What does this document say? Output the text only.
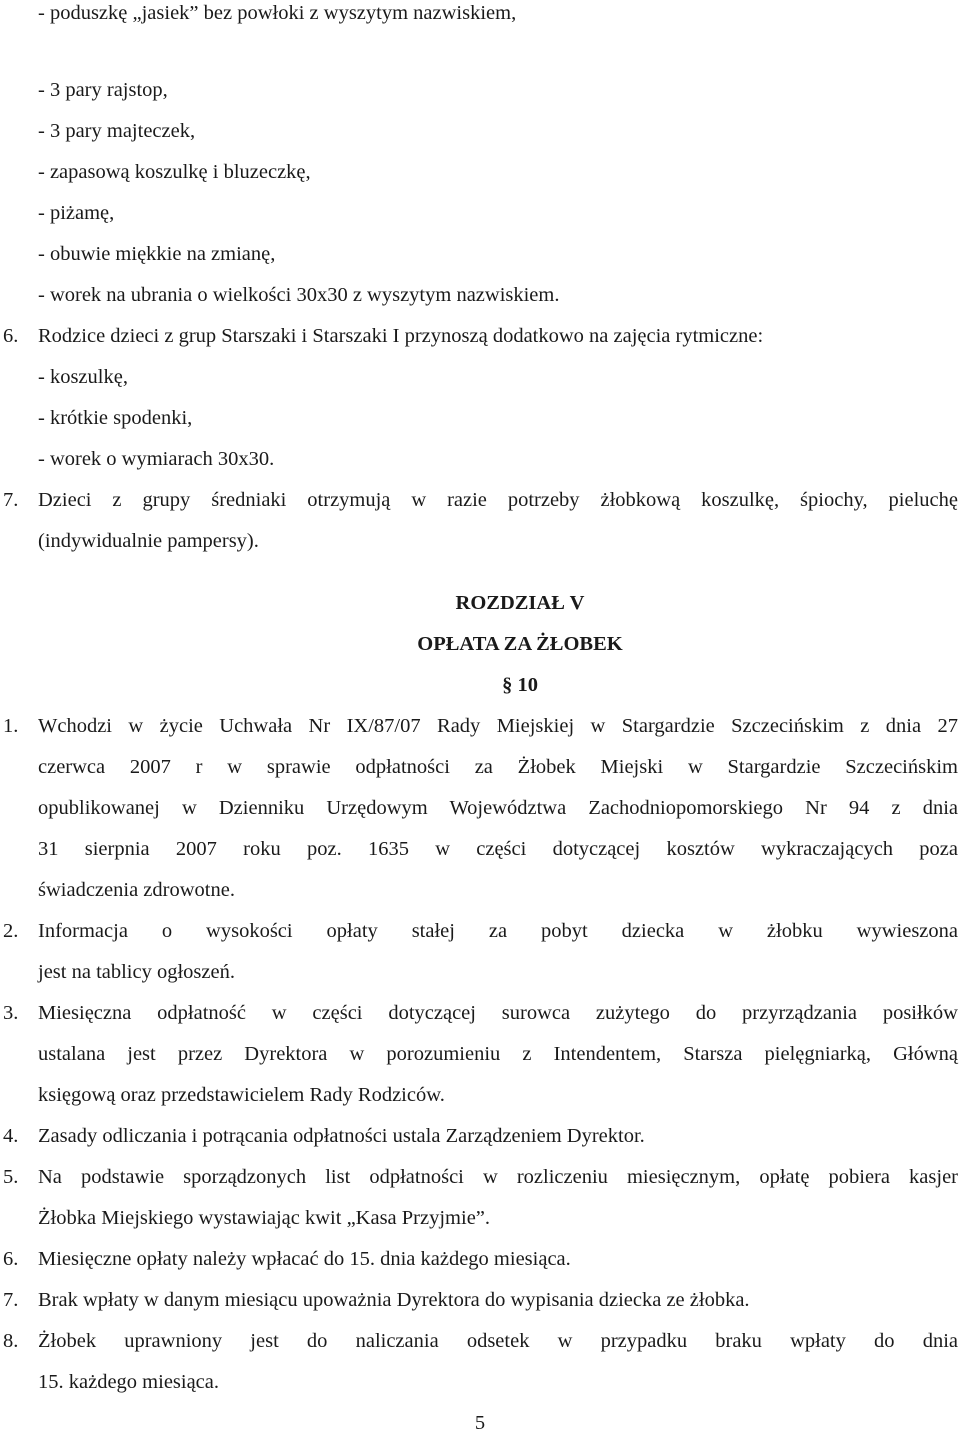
- poduszkę „jasiek” bez powłoki z wyszytym nazwiskiem,
- 3 pary rajstop,
- 3 pary majteczek,
- zapasową koszulkę i bluzeczkę,
- piżamę,
- obuwie miękkie na zmianę,
- worek na ubrania o wielkości 30x30 z wyszytym nazwiskiem.
6. Rodzice dzieci z grup Starszaki i Starszaki I przynoszą dodatkowo na zajęcia rytmiczne:
- koszulkę,
- krótkie spodenki,
- worek o wymiarach 30x30.
7. Dzieci z grupy średniaki otrzymują w razie potrzeby żłobkową koszulkę, śpiochy, pieluchę
(indywidualnie pampersy).
ROZDZIAŁ V
OPŁATA ZA ŻŁOBEK
§ 10
1. Wchodzi w życie Uchwała Nr IX/87/07 Rady Miejskiej w Stargardzie Szczecińskim z dnia 27
czerwca 2007 r w sprawie odpłatności za Żłobek Miejski w Stargardzie Szczecińskim
opublikowanej w Dzienniku Urzędowym Województwa Zachodniopomorskiego Nr 94 z dnia
31 sierpnia 2007 roku poz. 1635 w części dotyczącej kosztów wykraczających poza
świadczenia zdrowotne.
2. Informacja o wysokości opłaty stałej za pobyt dziecka w żłobku wywieszona
jest na tablicy ogłoszeń.
3. Miesięczna odpłatność w części dotyczącej surowca zużytego do przyrządzania posiłków
ustalana jest przez Dyrektora w porozumieniu z Intendentem, Starsza pielęgniarką, Główną
księgową oraz przedstawicielem Rady Rodziców.
4. Zasady odliczania i potrącania odpłatności ustala Zarządzeniem Dyrektor.
5. Na podstawie sporządzonych list odpłatności w rozliczeniu miesięcznym, opłatę pobiera kasjer
Żłobka Miejskiego wystawiając kwit „Kasa Przyjmie”.
6. Miesięczne opłaty należy wpłacać do 15. dnia każdego miesiąca.
7. Brak wpłaty w danym miesiącu upoważnia Dyrektora do wypisania dziecka ze żłobka.
8. Żłobek uprawniony jest do naliczania odsetek w przypadku braku wpłaty do dnia
15. każdego miesiąca.
5
